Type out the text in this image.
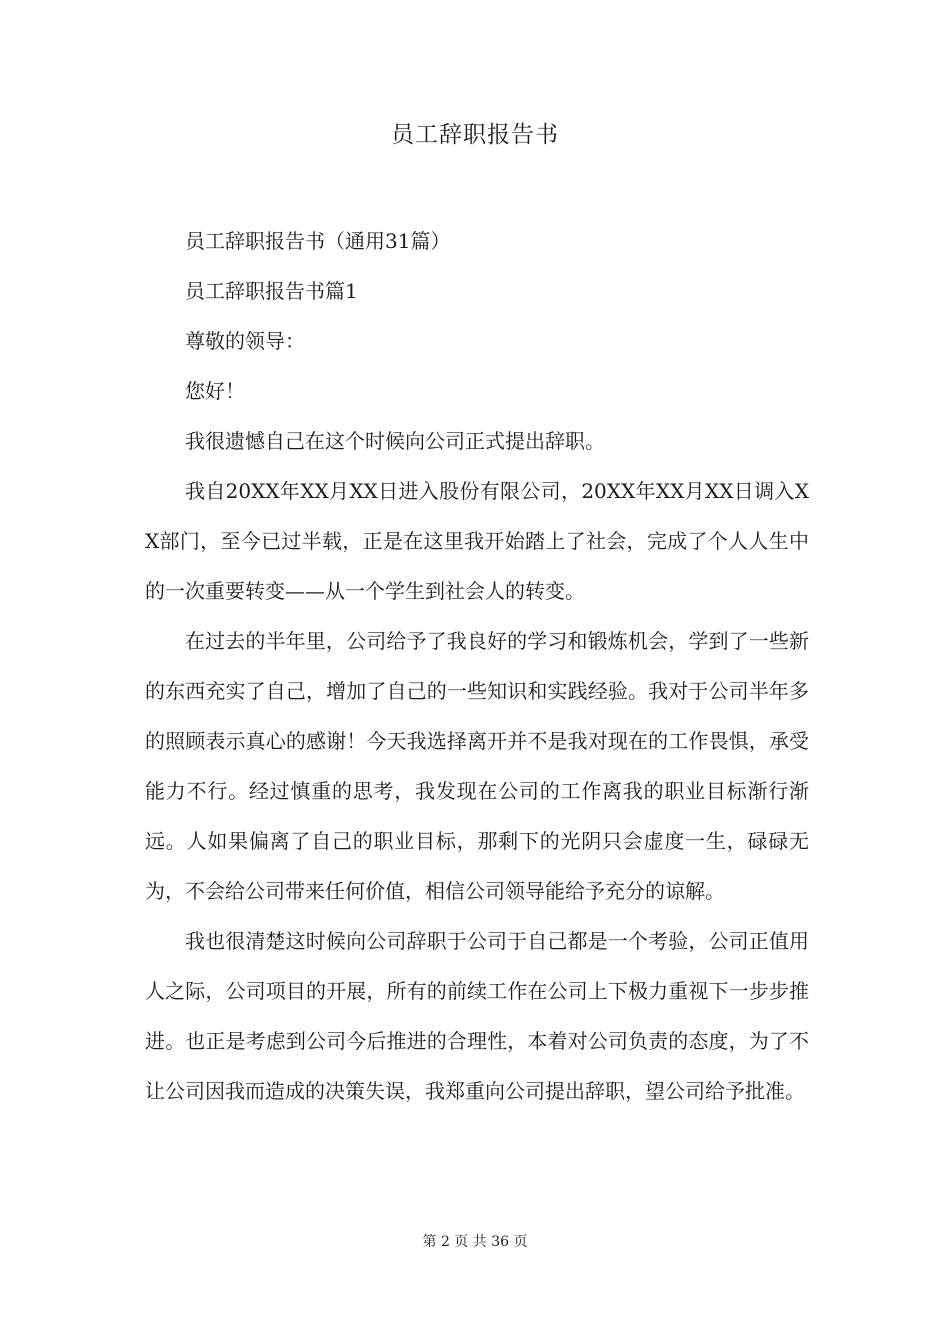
员工辞职报告书

员工辞职报告书（通用31篇）

员工辞职报告书篇1

尊敬的领导：

您好！

我很遗憾自己在这个时候向公司正式提出辞职。

我自20XX年XX月XX日进入股份有限公司，20XX年XX月XX日调入XX部门，至今已过半载，正是在这里我开始踏上了社会，完成了个人人生中的一次重要转变——从一个学生到社会人的转变。

在过去的半年里，公司给予了我良好的学习和锻炼机会，学到了一些新的东西充实了自己，增加了自己的一些知识和实践经验。我对于公司半年多的照顾表示真心的感谢！今天我选择离开并不是我对现在的工作畏惧，承受能力不行。经过慎重的思考，我发现在公司的工作离我的职业目标渐行渐远。人如果偏离了自己的职业目标，那剩下的光阴只会虚度一生，碌碌无为，不会给公司带来任何价值，相信公司领导能给予充分的谅解。

我也很清楚这时候向公司辞职于公司于自己都是一个考验，公司正值用人之际，公司项目的开展，所有的前续工作在公司上下极力重视下一步步推进。也正是考虑到公司今后推进的合理性，本着对公司负责的态度，为了不让公司因我而造成的决策失误，我郑重向公司提出辞职，望公司给予批准。

第 2 页 共 36 页
